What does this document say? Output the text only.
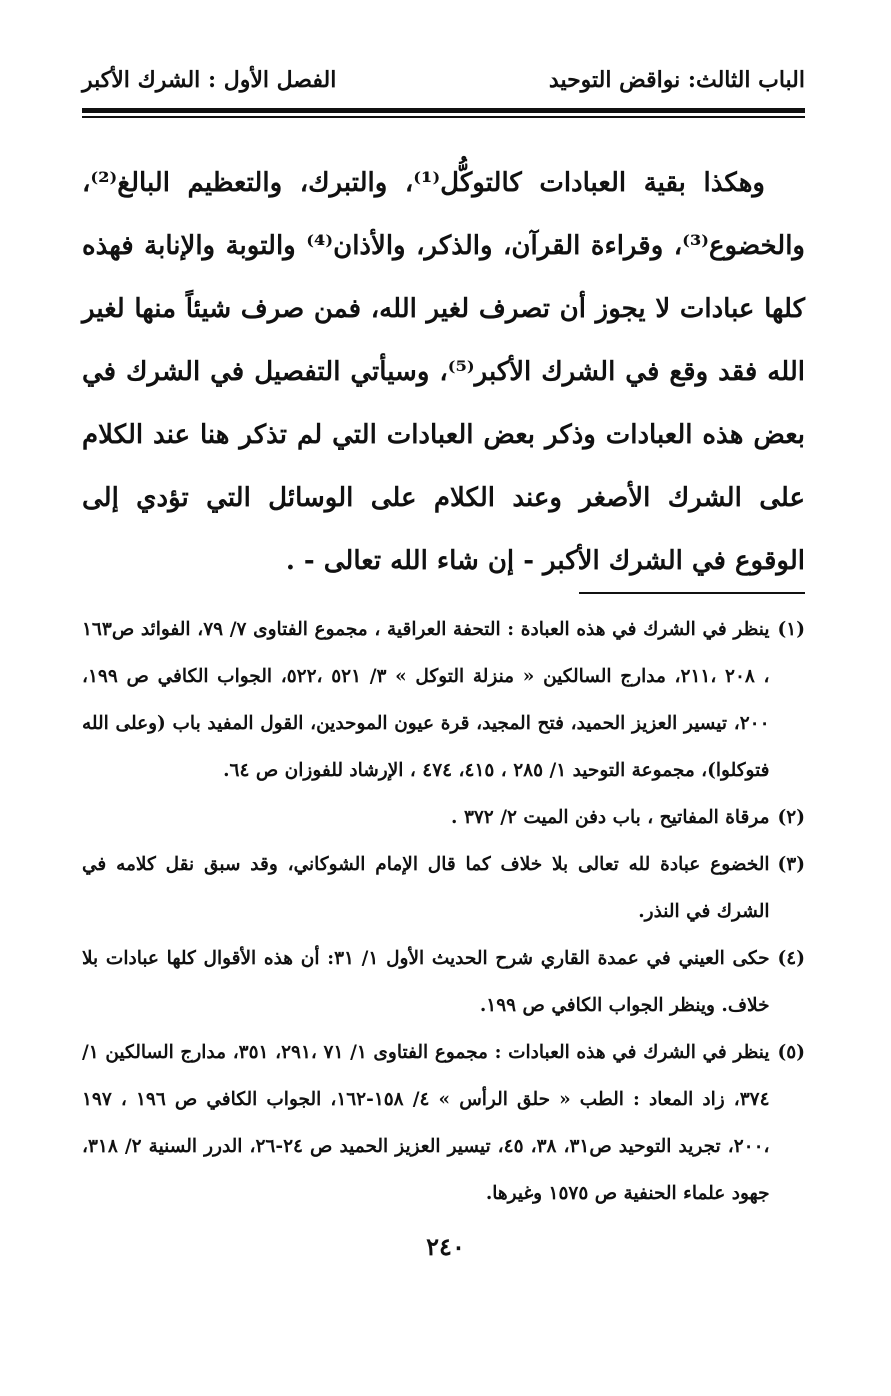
الباب الثالث: نواقض التوحيد
الفصل الأول : الشرك الأكبر

وهكذا بقية العبادات كالتوكُّل⁽¹⁾، والتبرك، والتعظيم البالغ⁽²⁾، والخضوع⁽³⁾، وقراءة القرآن، والذكر، والأذان⁽⁴⁾ والتوبة والإنابة فهذه كلها عبادات لا يجوز أن تصرف لغير الله، فمن صرف شيئاً منها لغير الله فقد وقع في الشرك الأكبر⁽⁵⁾، وسيأتي التفصيل في الشرك في بعض هذه العبادات وذكر بعض العبادات التي لم تذكر هنا عند الكلام على الشرك الأصغر وعند الكلام على الوسائل التي تؤدي إلى الوقوع في الشرك الأكبر - إن شاء الله تعالى - .

(١)
ينظر في الشرك في هذه العبادة : التحفة العراقية ، مجموع الفتاوى ٧/ ٧٩، الفوائد ص١٦٣ ، ٢٠٨ ،٢١١، مدارج السالكين « منزلة التوكل » ٣/ ٥٢١ ،٥٢٢، الجواب الكافي ص ١٩٩، ٢٠٠، تيسير العزيز الحميد، فتح المجيد، قرة عيون الموحدين، القول المفيد باب (وعلى الله فتوكلوا)، مجموعة التوحيد ١/ ٢٨٥ ، ٤١٥، ٤٧٤ ، الإرشاد للفوزان ص ٦٤.
(٢)
مرقاة المفاتيح ، باب دفن الميت ٢/ ٣٧٢ .
(٣)
الخضوع عبادة لله تعالى بلا خلاف كما قال الإمام الشوكاني، وقد سبق نقل كلامه في الشرك في النذر.
(٤)
حكى العيني في عمدة القاري شرح الحديث الأول ١/ ٣١: أن هذه الأقوال كلها عبادات بلا خلاف. وينظر الجواب الكافي ص ١٩٩.
(٥)
ينظر في الشرك في هذه العبادات : مجموع الفتاوى ١/ ٧١ ،٢٩١، ٣٥١، مدارج السالكين ١/ ٣٧٤، زاد المعاد : الطب « حلق الرأس » ٤/ ١٥٨-١٦٢، الجواب الكافي ص ١٩٦ ، ١٩٧ ،٢٠٠، تجريد التوحيد ص٣١، ٣٨، ٤٥، تيسير العزيز الحميد ص ٢٤-٢٦، الدرر السنية ٢/ ٣١٨، جهود علماء الحنفية ص ١٥٧٥ وغيرها.
٢٤٠
